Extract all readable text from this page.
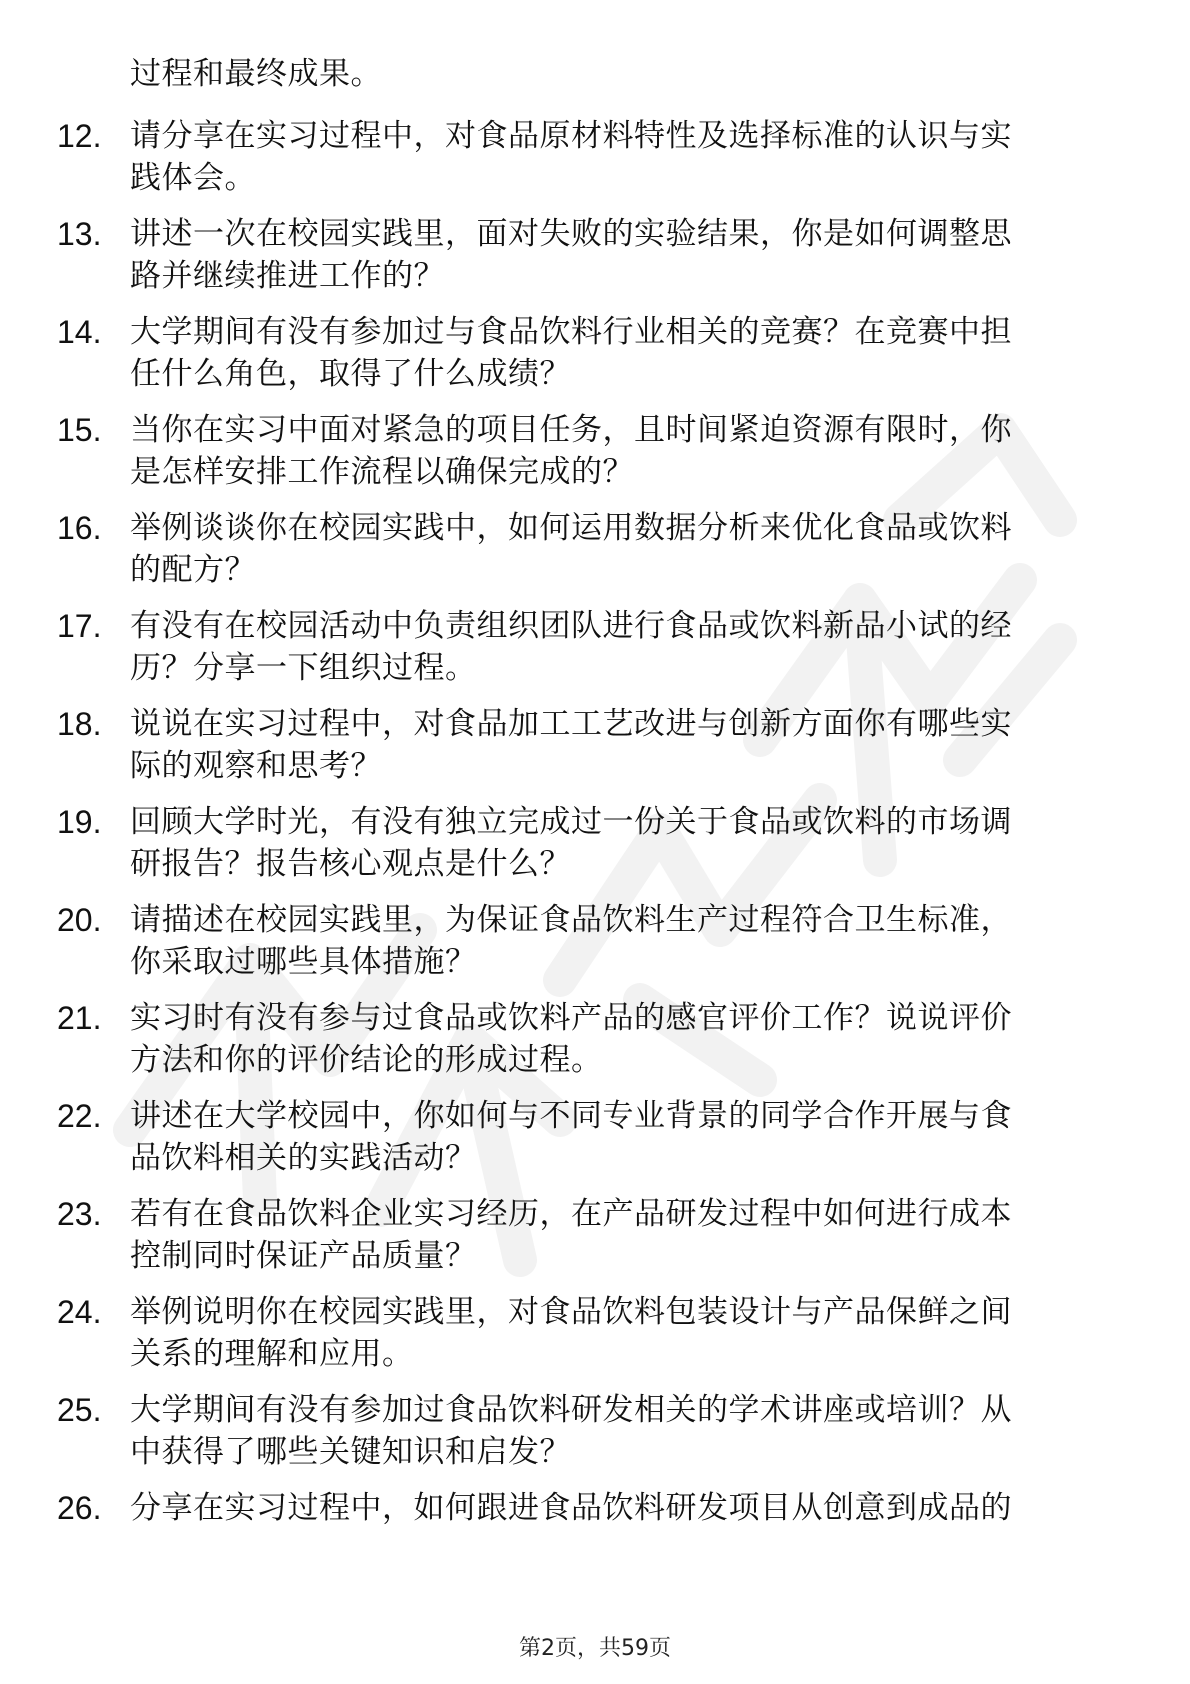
过程和最终成果。
12. 请分享在实习过程中，对食品原材料特性及选择标准的认识与实
践体会。
13. 讲述一次在校园实践里，面对失败的实验结果，你是如何调整思
路并继续推进工作的？
14. 大学期间有没有参加过与食品饮料行业相关的竞赛？在竞赛中担
任什么角色，取得了什么成绩？
15. 当你在实习中面对紧急的项目任务，且时间紧迫资源有限时，你
是怎样安排工作流程以确保完成的？
16. 举例谈谈你在校园实践中，如何运用数据分析来优化食品或饮料
的配方？
17. 有没有在校园活动中负责组织团队进行食品或饮料新品小试的经
历？分享一下组织过程。
18. 说说在实习过程中，对食品加工工艺改进与创新方面你有哪些实
际的观察和思考？
19. 回顾大学时光，有没有独立完成过一份关于食品或饮料的市场调
研报告？报告核心观点是什么？
20. 请描述在校园实践里，为保证食品饮料生产过程符合卫生标准，
你采取过哪些具体措施？
21. 实习时有没有参与过食品或饮料产品的感官评价工作？说说评价
方法和你的评价结论的形成过程。
22. 讲述在大学校园中，你如何与不同专业背景的同学合作开展与食
品饮料相关的实践活动？
23. 若有在食品饮料企业实习经历，在产品研发过程中如何进行成本
控制同时保证产品质量？
24. 举例说明你在校园实践里，对食品饮料包装设计与产品保鲜之间
关系的理解和应用。
25. 大学期间有没有参加过食品饮料研发相关的学术讲座或培训？从
中获得了哪些关键知识和启发？
26. 分享在实习过程中，如何跟进食品饮料研发项目从创意到成品的
第2页，共59页
